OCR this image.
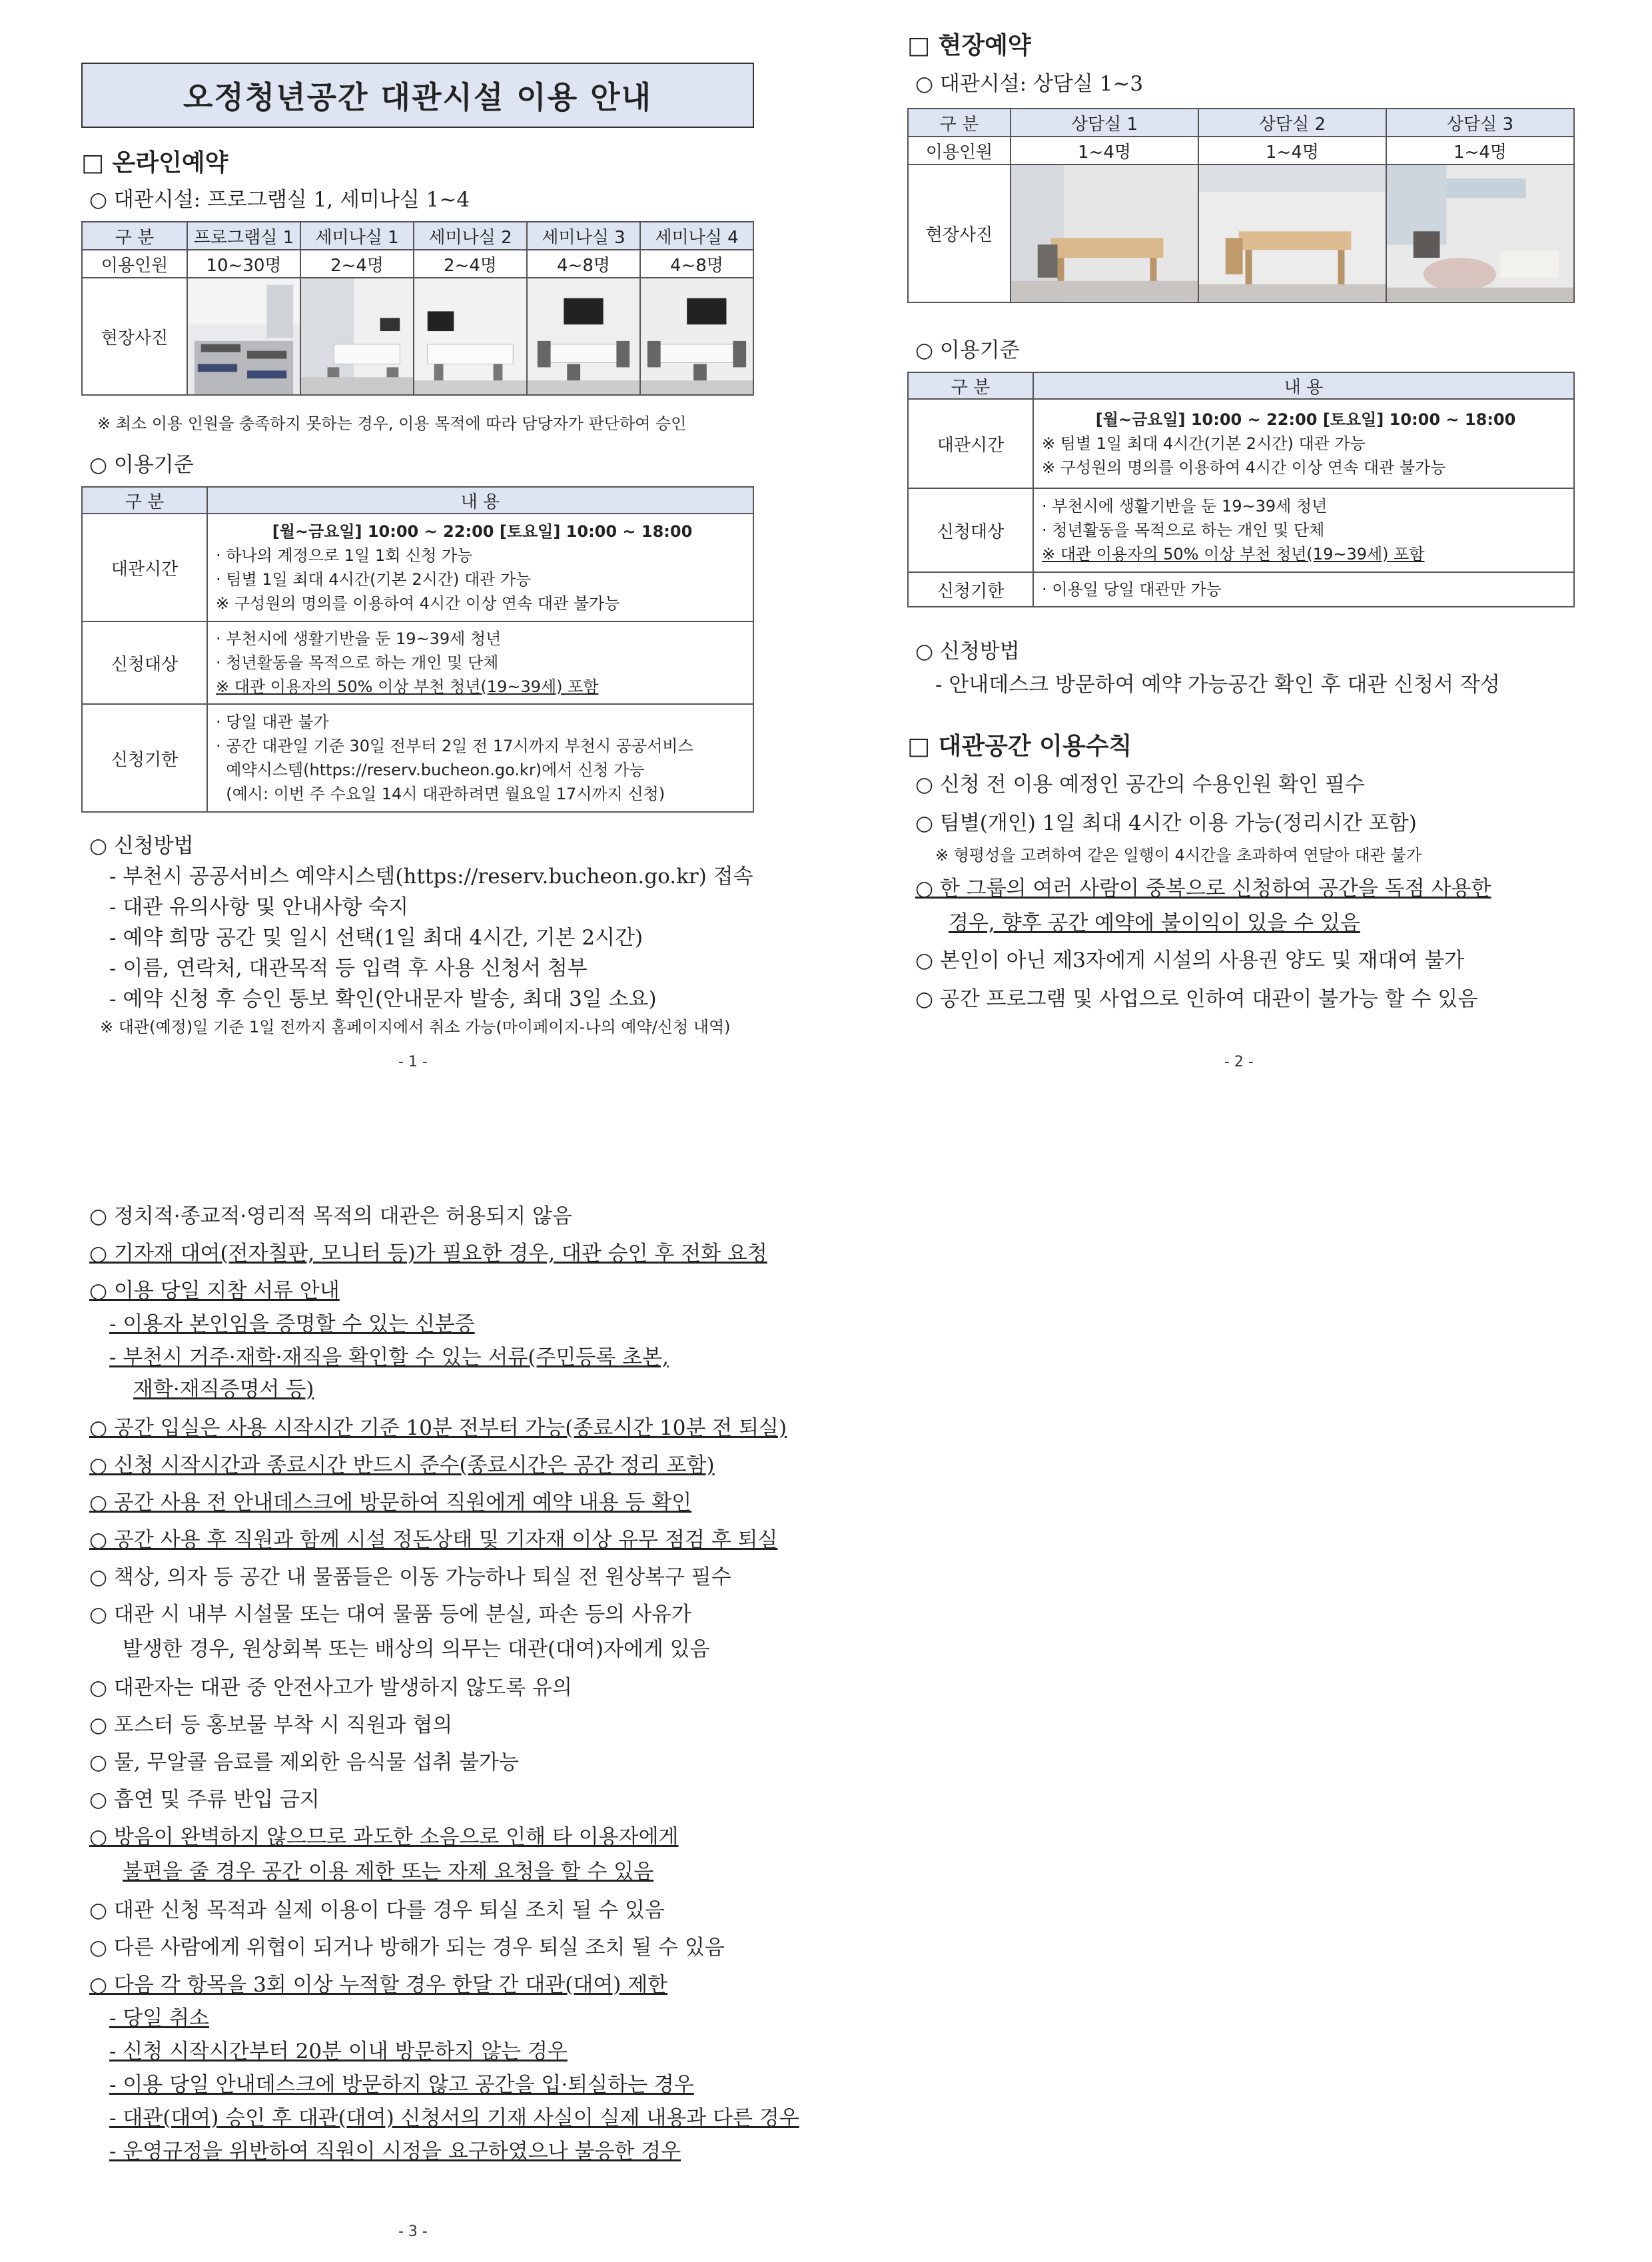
오정청년공간 대관시설 이용 안내
□ 온라인예약
○ 대관시설: 프로그램실 1, 세미나실 1~4
구 분	프로그램실 1	세미나실 1	세미나실 2	세미나실 3	세미나실 4
이용인원	10~30명	2~4명	2~4명	4~8명	4~8명
현장사진	

※ 최소 이용 인원을 충족하지 못하는 경우, 이용 목적에 따라 담당자가 판단하여 승인
○ 이용기준
구 분	내 용
대관시간	[월~금요일] 10:00 ~ 22:00 [토요일] 10:00 ~ 18:00
· 하나의 계정으로 1일 1회 신청 가능
· 팀별 1일 최대 4시간(기본 2시간) 대관 가능
※ 구성원의 명의를 이용하여 4시간 이상 연속 대관 불가능

신청대상	· 부천시에 생활기반을 둔 19~39세 청년
· 청년활동을 목적으로 하는 개인 및 단체
※ 대관 이용자의 50% 이상 부천 청년(19~39세) 포함

신청기한	· 당일 대관 불가
· 공간 대관일 기준 30일 전부터 2일 전 17시까지 부천시 공공서비스
예약시스템(https://reserv.bucheon.go.kr)에서 신청 가능
(예시: 이번 주 수요일 14시 대관하려면 월요일 17시까지 신청)
○ 신청방법
- 부천시 공공서비스 예약시스템(https://reserv.bucheon.go.kr) 접속
- 대관 유의사항 및 안내사항 숙지
- 예약 희망 공간 및 일시 선택(1일 최대 4시간, 기본 2시간)
- 이름, 연락처, 대관목적 등 입력 후 사용 신청서 첨부
- 예약 신청 후 승인 통보 확인(안내문자 발송, 최대 3일 소요)
※ 대관(예정)일 기준 1일 전까지 홈페이지에서 취소 가능(마이페이지-나의 예약/신청 내역)
- 1 -
□ 현장예약
○ 대관시설: 상담실 1~3
구 분	상담실 1	상담실 2	상담실 3
이용인원	1~4명	1~4명	1~4명
현장사진	

○ 이용기준
구 분	내 용
대관시간	[월~금요일] 10:00 ~ 22:00 [토요일] 10:00 ~ 18:00
※ 팀별 1일 최대 4시간(기본 2시간) 대관 가능
※ 구성원의 명의를 이용하여 4시간 이상 연속 대관 불가능

신청대상	· 부천시에 생활기반을 둔 19~39세 청년
· 청년활동을 목적으로 하는 개인 및 단체
※ 대관 이용자의 50% 이상 부천 청년(19~39세) 포함

신청기한	· 이용일 당일 대관만 가능
○ 신청방법
- 안내데스크 방문하여 예약 가능공간 확인 후 대관 신청서 작성
□ 대관공간 이용수칙
○ 신청 전 이용 예정인 공간의 수용인원 확인 필수
○ 팀별(개인) 1일 최대 4시간 이용 가능(정리시간 포함)
※ 형평성을 고려하여 같은 일행이 4시간을 초과하여 연달아 대관 불가
○ 한 그룹의 여러 사람이 중복으로 신청하여 공간을 독점 사용한
경우, 향후 공간 예약에 불이익이 있을 수 있음
○ 본인이 아닌 제3자에게 시설의 사용권 양도 및 재대여 불가
○ 공간 프로그램 및 사업으로 인하여 대관이 불가능 할 수 있음
- 2 -
○ 정치적·종교적·영리적 목적의 대관은 허용되지 않음
○ 기자재 대여(전자칠판, 모니터 등)가 필요한 경우, 대관 승인 후 전화 요청
○ 이용 당일 지참 서류 안내
- 이용자 본인임을 증명할 수 있는 신분증
- 부천시 거주·재학·재직을 확인할 수 있는 서류(주민등록 초본,
재학·재직증명서 등)
○ 공간 입실은 사용 시작시간 기준 10분 전부터 가능(종료시간 10분 전 퇴실)
○ 신청 시작시간과 종료시간 반드시 준수(종료시간은 공간 정리 포함)
○ 공간 사용 전 안내데스크에 방문하여 직원에게 예약 내용 등 확인
○ 공간 사용 후 직원과 함께 시설 정돈상태 및 기자재 이상 유무 점검 후 퇴실
○ 책상, 의자 등 공간 내 물품들은 이동 가능하나 퇴실 전 원상복구 필수
○ 대관 시 내부 시설물 또는 대여 물품 등에 분실, 파손 등의 사유가
발생한 경우, 원상회복 또는 배상의 의무는 대관(대여)자에게 있음
○ 대관자는 대관 중 안전사고가 발생하지 않도록 유의
○ 포스터 등 홍보물 부착 시 직원과 협의
○ 물, 무알콜 음료를 제외한 음식물 섭취 불가능
○ 흡연 및 주류 반입 금지
○ 방음이 완벽하지 않으므로 과도한 소음으로 인해 타 이용자에게
불편을 줄 경우 공간 이용 제한 또는 자제 요청을 할 수 있음
○ 대관 신청 목적과 실제 이용이 다를 경우 퇴실 조치 될 수 있음
○ 다른 사람에게 위협이 되거나 방해가 되는 경우 퇴실 조치 될 수 있음
○ 다음 각 항목을 3회 이상 누적할 경우 한달 간 대관(대여) 제한
- 당일 취소
- 신청 시작시간부터 20분 이내 방문하지 않는 경우
- 이용 당일 안내데스크에 방문하지 않고 공간을 입·퇴실하는 경우
- 대관(대여) 승인 후 대관(대여) 신청서의 기재 사실이 실제 내용과 다른 경우
- 운영규정을 위반하여 직원이 시정을 요구하였으나 불응한 경우
- 3 -
